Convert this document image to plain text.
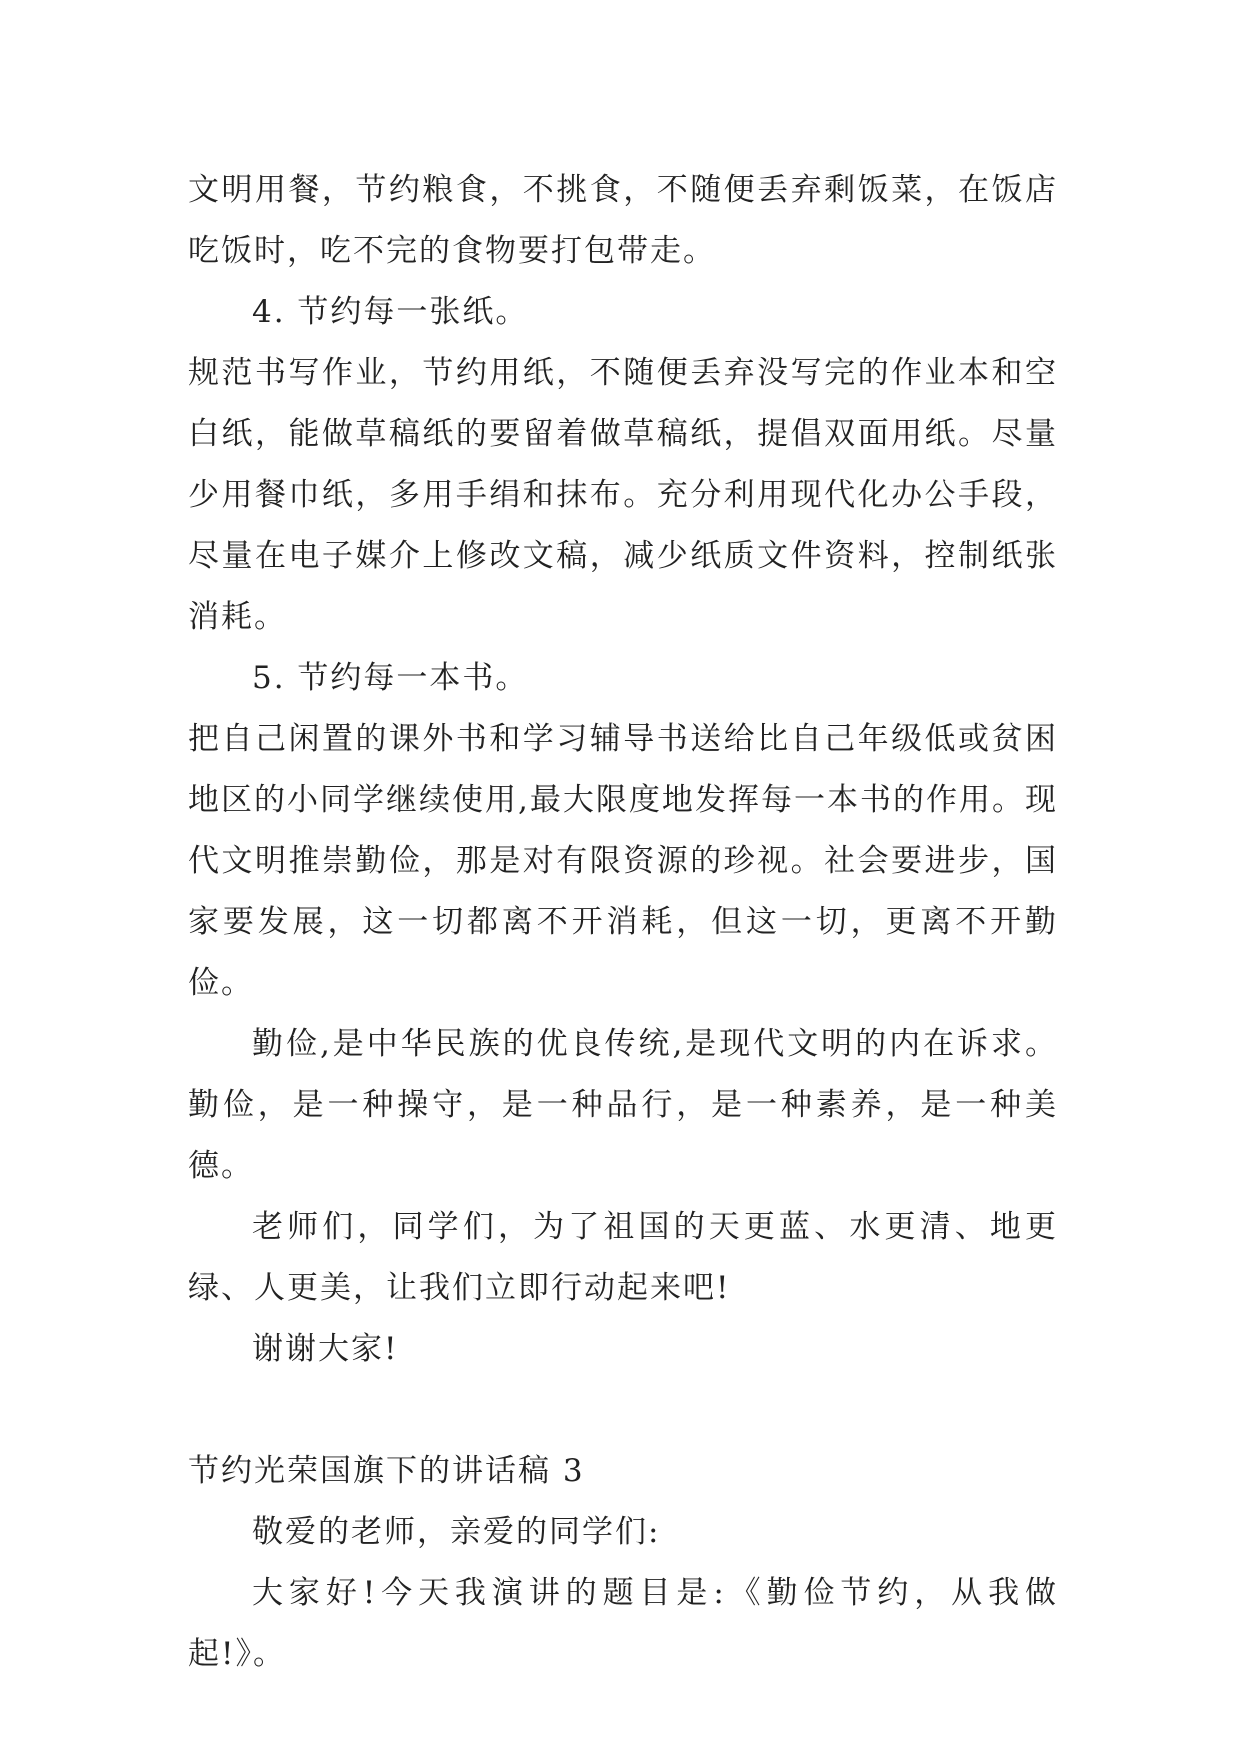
文明用餐，节约粮食，不挑食，不随便丢弃剩饭菜，在饭店吃饭时，吃不完的食物要打包带走。

4. 节约每一张纸。

规范书写作业，节约用纸，不随便丢弃没写完的作业本和空白纸，能做草稿纸的要留着做草稿纸，提倡双面用纸。尽量少用餐巾纸，多用手绢和抹布。充分利用现代化办公手段，尽量在电子媒介上修改文稿，减少纸质文件资料，控制纸张消耗。

5. 节约每一本书。

把自己闲置的课外书和学习辅导书送给比自己年级低或贫困地区的小同学继续使用,最大限度地发挥每一本书的作用。现代文明推崇勤俭，那是对有限资源的珍视。社会要进步，国家要发展，这一切都离不开消耗，但这一切，更离不开勤俭。

勤俭,是中华民族的优良传统,是现代文明的内在诉求。勤俭，是一种操守，是一种品行，是一种素养，是一种美德。

老师们，同学们，为了祖国的天更蓝、水更清、地更绿、人更美，让我们立即行动起来吧!

谢谢大家!

节约光荣国旗下的讲话稿 3

敬爱的老师，亲爱的同学们:

大家好!今天我演讲的题目是:《勤俭节约，从我做起!》。
